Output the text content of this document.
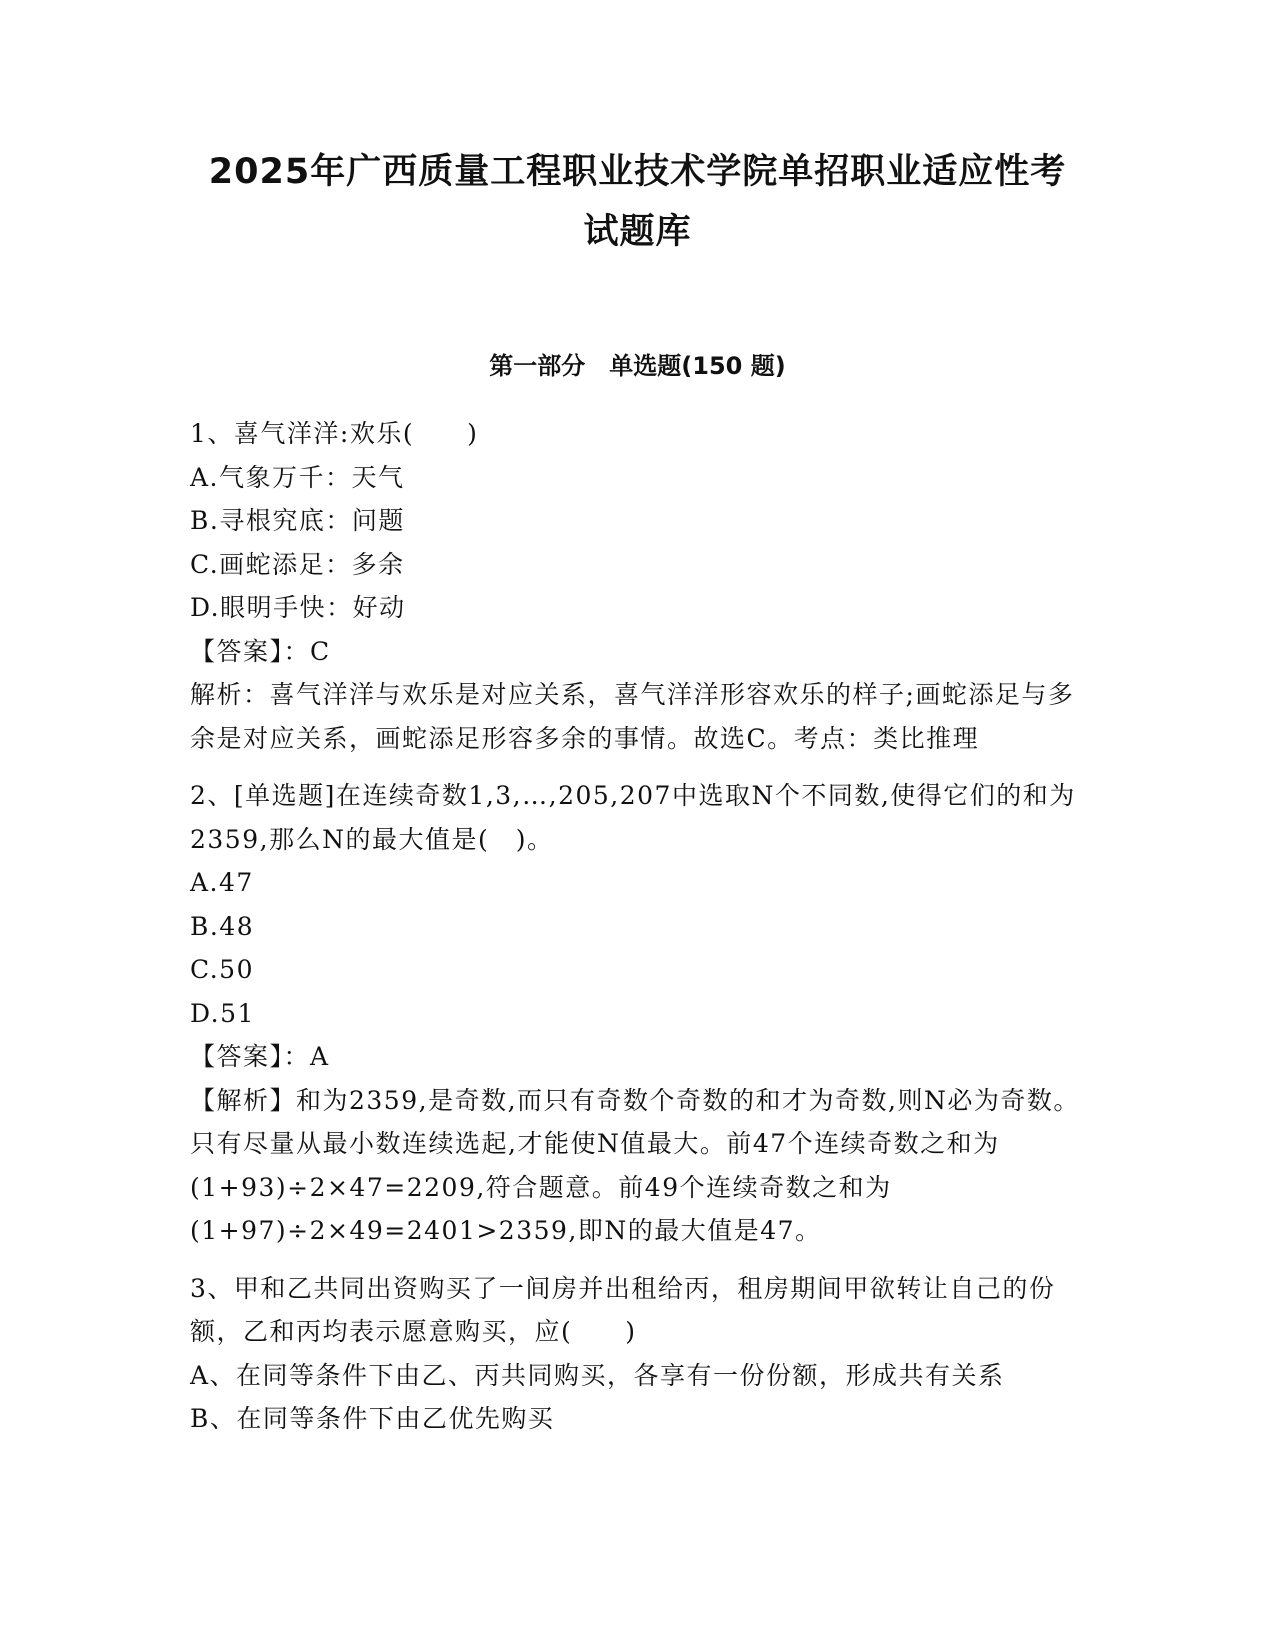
2025年广西质量工程职业技术学院单招职业适应性考
试题库
第一部分　单选题(150 题)

1、喜气洋洋:欢乐(　　)

A.气象万千：天气

B.寻根究底：问题

C.画蛇添足：多余

D.眼明手快：好动

【答案】：C

解析：喜气洋洋与欢乐是对应关系，喜气洋洋形容欢乐的样子;画蛇添足与多余是对应关系，画蛇添足形容多余的事情。故选C。考点：类比推理

2、[单选题]在连续奇数1,3,…,205,207中选取N个不同数,使得它们的和为2359,那么N的最大值是(　)。

A.47

B.48

C.50

D.51

【答案】：A

【解析】和为2359,是奇数,而只有奇数个奇数的和才为奇数,则N必为奇数。只有尽量从最小数连续选起,才能使N值最大。前47个连续奇数之和为(1+93)÷2×47=2209,符合题意。前49个连续奇数之和为(1+97)÷2×49=2401>2359,即N的最大值是47。

3、甲和乙共同出资购买了一间房并出租给丙，租房期间甲欲转让自己的份额，乙和丙均表示愿意购买，应(　　)

A、在同等条件下由乙、丙共同购买，各享有一份份额，形成共有关系

B、在同等条件下由乙优先购买
